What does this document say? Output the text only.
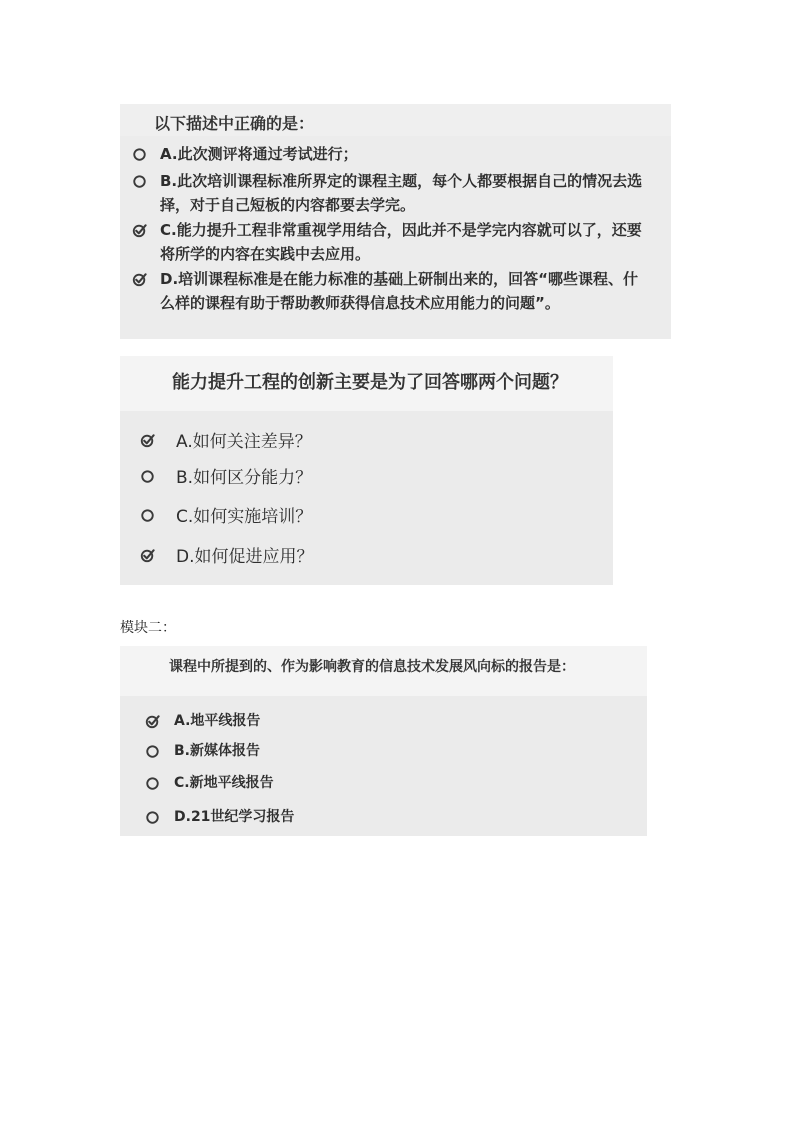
以下描述中正确的是：
A.此次测评将通过考试进行；
B.此次培训课程标准所界定的课程主题，每个人都要根据自己的情况去选择，对于自己短板的内容都要去学完。
C.能力提升工程非常重视学用结合，因此并不是学完内容就可以了，还要将所学的内容在实践中去应用。
D.培训课程标准是在能力标准的基础上研制出来的，回答“哪些课程、什么样的课程有助于帮助教师获得信息技术应用能力的问题”。
能力提升工程的创新主要是为了回答哪两个问题？
A.如何关注差异？
B.如何区分能力？
C.如何实施培训？
D.如何促进应用？
模块二：
课程中所提到的、作为影响教育的信息技术发展风向标的报告是：
A.地平线报告
B.新媒体报告
C.新地平线报告
D.21世纪学习报告
